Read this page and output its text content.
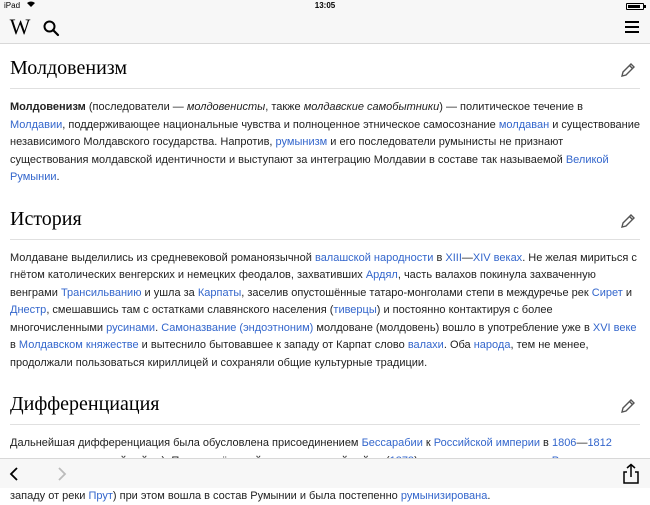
iPad	13:05
W
Молдовенизм

Молдовенизм (последователи — молдовенисты, также молдавские самобытники) — политическое течение в Молдавии, поддерживающее национальные чувства и полноценное этническое самосознание молдаван и существование независимого Молдавского государства. Напротив, румынизм и его последователи румынисты не признают существования молдавской идентичности и выступают за интеграцию Молдавии в составе так называемой Великой Румынии.

История

Молдаване выделились из средневековой романоязычной валашской народности в XIII—XIV веках. Не желая мириться с гнётом католических венгерских и немецких феодалов, захвативших Ардял, часть валахов покинула захваченную венграми Трансильванию и ушла за Карпаты, заселив опустошённые татаро-монголами степи в междуречье рек Сирет и Днестр, смешавшись там с остатками славянского населения (тиверцы) и постоянно контактируя с более многочисленными русинами. Самоназвание (эндоэтноним) молдоване (молдовень) вошло в употребление уже в XVI веке в Молдавском княжестве и вытеснило бытовавшее к западу от Карпат слово валахи. Оба народа, тем не менее, продолжали пользоваться кириллицей и сохраняли общие культурные традиции.

Дифференциация

Дальнейшая дифференциация была обусловлена присоединением Бессарабии к Российской империи в 1806—1812 западу от реки Прут) при этом вошла в состав Румынии и была постепенно румынизирована.
